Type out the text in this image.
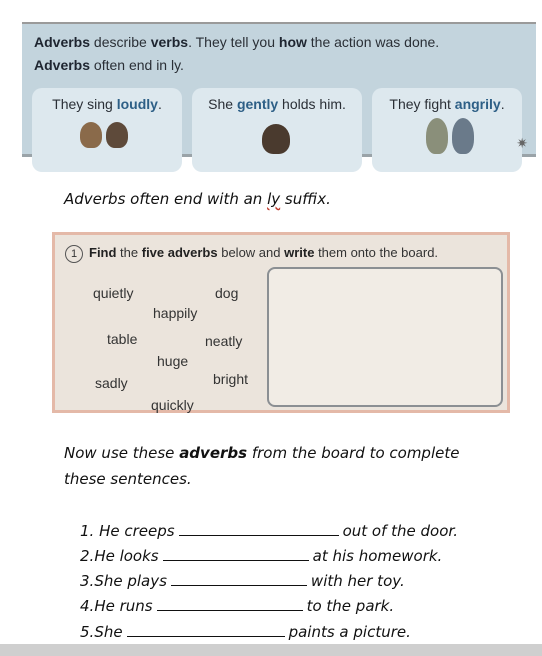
Adverbs describe verbs. They tell you how the action was done.
Adverbs often end in ly.
They sing loudly.	She gently holds him.	They fight angrily.
✷
Adverbs often end with an ly suffix.
1 Find the five adverbs below and write them onto the board.
quietly	dog
happily
table	neatly
huge
sadly	bright
quickly
Now use these adverbs from the board to complete
these sentences.
1. He creeps	out of the door.
2.He looks	at his homework.
3.She plays	with her toy.
4.He runs	to the park.
5.She	paints a picture.
